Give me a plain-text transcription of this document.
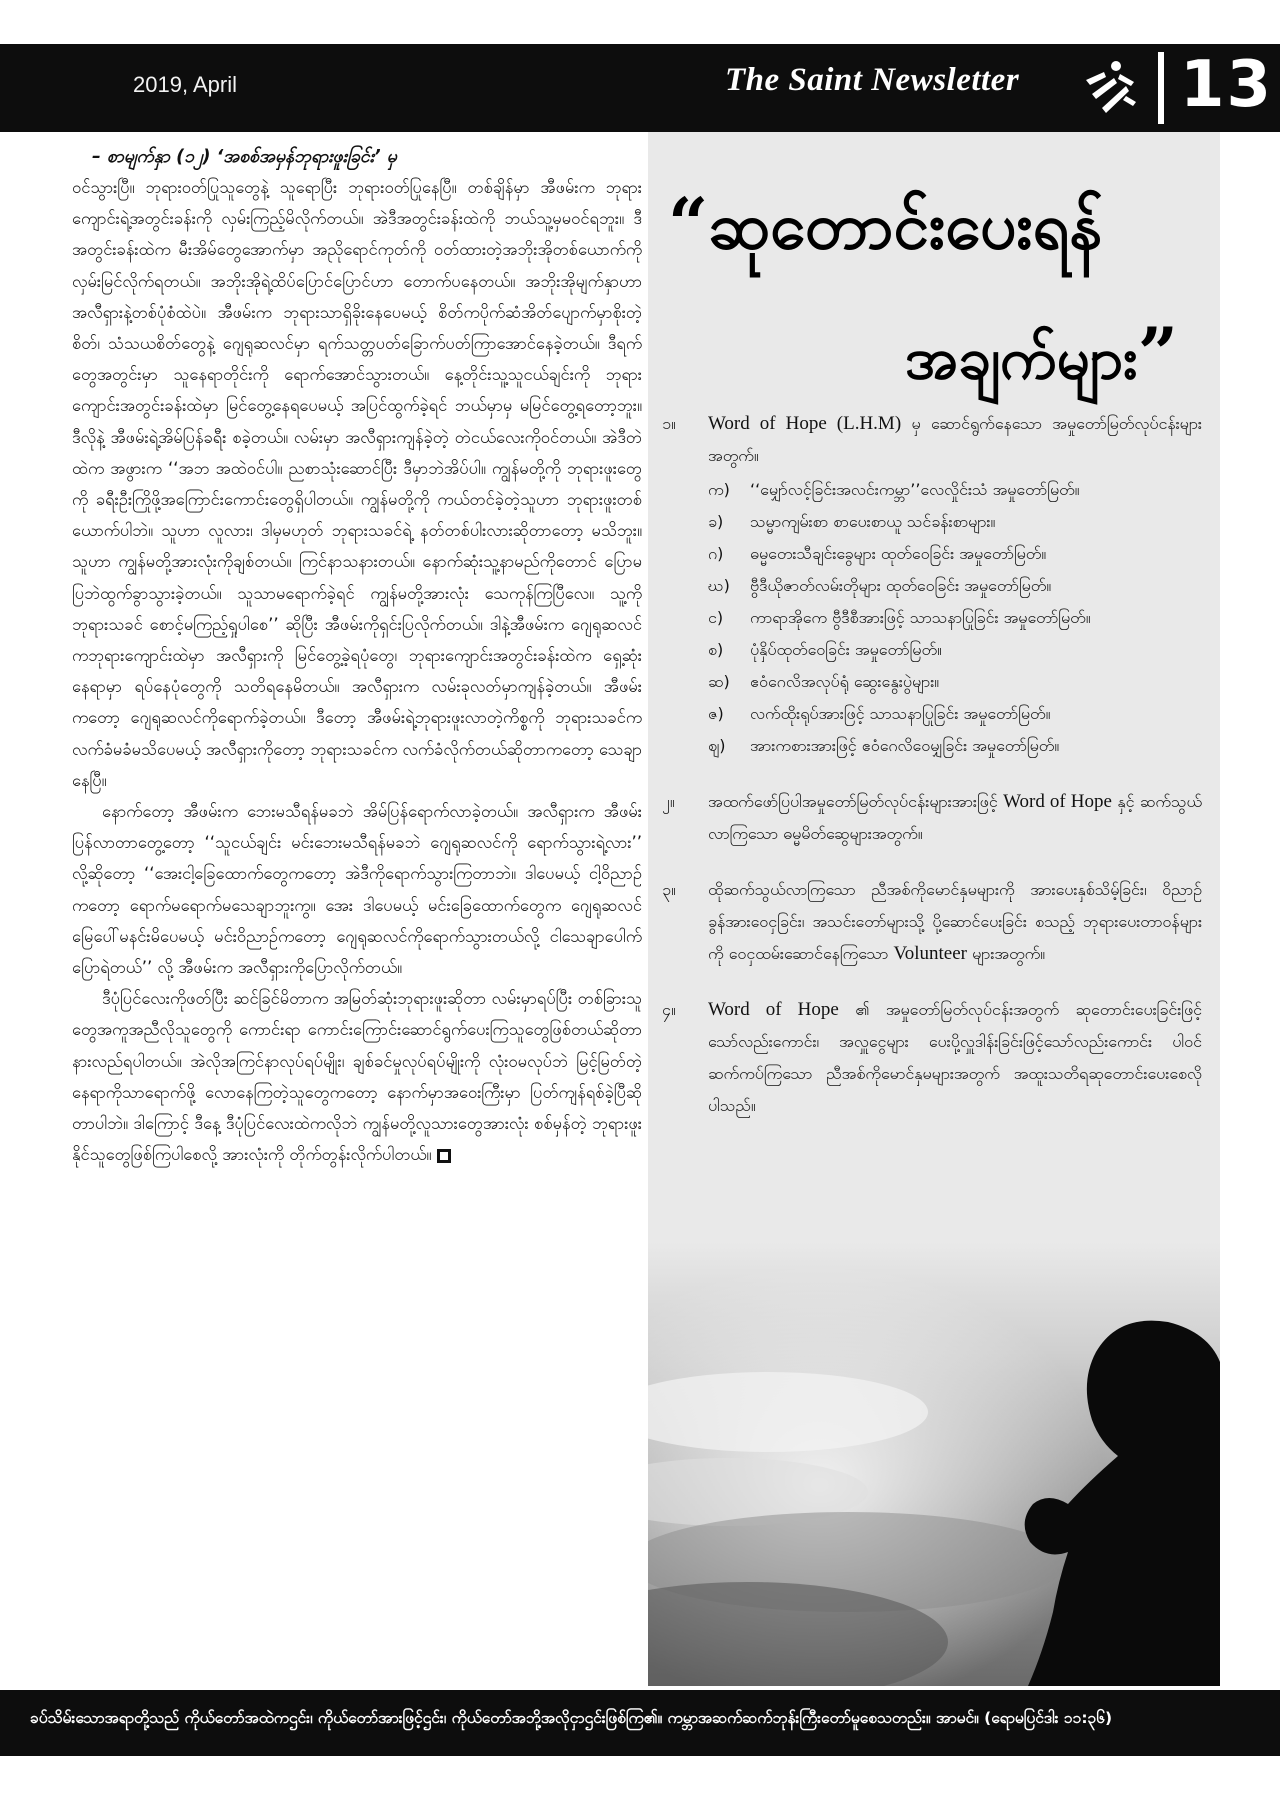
2019, April	The Saint Newsletter	13
– စာမျက်နှာ (၁၂) ‘အစစ်အမှန်ဘုရားဖူးခြင်း’ မှ

ဝင်သွားပြီ။ ဘုရားဝတ်ပြုသူတွေနဲ့ သူရောပြီး ဘုရားဝတ်ပြုနေပြီ။ တစ်ချိန်မှာ အီဖမ်းက ဘုရားကျောင်းရဲ့အတွင်းခန်းကို လှမ်းကြည့်မိလိုက်တယ်။ အဲဒီအတွင်းခန်းထဲကို ဘယ်သူ့မှမဝင်ရဘူး။ ဒီအတွင်းခန်းထဲက မီးအိမ်တွေအောက်မှာ အညိုရောင်ကုတ်ကို ဝတ်ထားတဲ့အဘိုးအိုတစ်ယောက်ကို လှမ်းမြင်လိုက်ရတယ်။ အဘိုးအိုရဲ့ထိပ်ပြောင်ပြောင်ဟာ တောက်ပနေတယ်။ အဘိုးအိုမျက်နှာဟာ အလီရှားနဲ့တစ်ပုံစံထဲပဲ။ အီဖမ်းက ဘုရားသာရှိခိုးနေပေမယ့် စိတ်ကပိုက်ဆံအိတ်ပျောက်မှာစိုးတဲ့စိတ်၊ သံသယစိတ်တွေနဲ့ ဂျေရုဆလင်မှာ ရက်သတ္တပတ်ခြောက်ပတ်ကြာအောင်နေခဲ့တယ်။ ဒီရက်တွေအတွင်းမှာ သူနေရာတိုင်းကို ရောက်အောင်သွားတယ်။ နေ့တိုင်းသူ့သူငယ်ချင်းကို ဘုရားကျောင်းအတွင်းခန်းထဲမှာ မြင်တွေ့နေရပေမယ့် အပြင်ထွက်ခဲ့ရင် ဘယ်မှာမှ မမြင်တွေ့ရတော့ဘူး။ ဒီလိုနဲ့ အီဖမ်းရဲ့အိမ်ပြန်ခရီး စခဲ့တယ်။ လမ်းမှာ အလီရှားကျန်ခဲ့တဲ့ တဲငယ်လေးကိုဝင်တယ်။ အဲဒီတဲထဲက အဖွားက ‘‘အဘ အထဲဝင်ပါ။ ညစာသုံးဆောင်ပြီး ဒီမှာဘဲအိပ်ပါ။ ကျွန်မတို့ကို ဘုရားဖူးတွေကို ခရီးဦးကြိုဖို့အကြောင်းကောင်းတွေရှိပါတယ်။ ကျွန်မတို့ကို ကယ်တင်ခဲ့တဲ့သူဟာ ဘုရားဖူးတစ်ယောက်ပါဘဲ။ သူဟာ လူလား၊ ဒါမှမဟုတ် ဘုရားသခင်ရဲ့ နတ်တစ်ပါးလားဆိုတာတော့ မသိဘူး။ သူဟာ ကျွန်မတို့အားလုံးကိုချစ်တယ်။ ကြင်နာသနားတယ်။ နောက်ဆုံးသူ့နာမည်ကိုတောင် ပြောမပြဘဲထွက်ခွာသွားခဲ့တယ်။ သူသာမရောက်ခဲ့ရင် ကျွန်မတို့အားလုံး သေကုန်ကြပြီလေ။ သူ့ကို ဘုရားသခင် စောင့်မကြည့်ရှုပါစေ’’ ဆိုပြီး အီဖမ်းကိုရှင်းပြလိုက်တယ်။ ဒါနဲ့အီဖမ်းက ဂျေရုဆလင်ကဘုရားကျောင်းထဲမှာ အလီရှားကို မြင်တွေ့ခဲ့ရပုံတွေ၊ ဘုရားကျောင်းအတွင်းခန်းထဲက ရှေ့ဆုံးနေရာမှာ ရပ်နေပုံတွေကို သတိရနေမိတယ်။ အလီရှားက လမ်းခုလတ်မှာကျန်ခဲ့တယ်။ အီဖမ်းကတော့ ဂျေရုဆလင်ကိုရောက်ခဲ့တယ်။ ဒီတော့ အီဖမ်းရဲ့ဘုရားဖူးလာတဲ့ကိစ္စကို ဘုရားသခင်က လက်ခံမခံမသိပေမယ့် အလီရှားကိုတော့ ဘုရားသခင်က လက်ခံလိုက်တယ်ဆိုတာကတော့ သေချာနေပြီ။

နောက်တော့ အီဖမ်းက ဘေးမသီရန်မခဘဲ အိမ်ပြန်ရောက်လာခဲ့တယ်။ အလီရှားက အီဖမ်းပြန်လာတာတွေ့တော့ ‘‘သူငယ်ချင်း မင်းဘေးမသီရန်မခဘဲ ဂျေရုဆလင်ကို ရောက်သွားရဲ့လား’’ လို့ဆိုတော့ ‘‘အေးငါ့ခြေထောက်တွေကတော့ အဲဒီကိုရောက်သွားကြတာဘဲ။ ဒါပေမယ့် ငါ့ဝိညာဉ်ကတော့ ရောက်မရောက်မသေချာဘူးကွ။ အေး ဒါပေမယ့် မင်းခြေထောက်တွေက ဂျေရုဆလင်မြေပေါ်မနင်းမိပေမယ့် မင်းဝိညာဉ်ကတော့ ဂျေရုဆလင်ကိုရောက်သွားတယ်လို့ ငါသေချာပေါက်ပြောရဲတယ်’’ လို့ အီဖမ်းက အလီရှားကိုပြောလိုက်တယ်။

ဒီပုံပြင်လေးကိုဖတ်ပြီး ဆင်ခြင်မိတာက အမြတ်ဆုံးဘုရားဖူးဆိုတာ လမ်းမှာရပ်ပြီး တစ်ခြားသူတွေအကူအညီလိုသူတွေကို ကောင်းရာ ကောင်းကြောင်းဆောင်ရွက်ပေးကြသူတွေဖြစ်တယ်ဆိုတာ နားလည်ရပါတယ်။ အဲလိုအကြင်နာလုပ်ရပ်မျိုး၊ ချစ်ခင်မှုလုပ်ရပ်မျိုးကို လုံးဝမလုပ်ဘဲ မြင့်မြတ်တဲ့နေရာကိုသာရောက်ဖို့ လောနေကြတဲ့သူတွေကတော့ နောက်မှာအဝေးကြီးမှာ ပြတ်ကျန်ရစ်ခဲ့ပြီဆိုတာပါဘဲ။ ဒါကြောင့် ဒီနေ့ ဒီပုံပြင်လေးထဲကလိုဘဲ ကျွန်မတို့လူသားတွေအားလုံး စစ်မှန်တဲ့ ဘုရားဖူးနိုင်သူတွေဖြစ်ကြပါစေလို့ အားလုံးကို တိုက်တွန်းလိုက်ပါတယ်။

“ဆုတောင်းပေးရန်
အချက်များ”
၁။ Word of Hope (L.H.M) မှ ဆောင်ရွက်နေသော အမှုတော်မြတ်လုပ်ငန်းများအတွက်။
က) ‘‘မျှော်လင့်ခြင်းအလင်းကမ္ဘာ’’လေလှိုင်းသံ အမှုတော်မြတ်။
ခ) သမ္မာကျမ်းစာ စာပေးစာယူ သင်ခန်းစာများ။
ဂ) ဓမ္မတေးသီချင်းခွေများ ထုတ်ဝေခြင်း အမှုတော်မြတ်။
ဃ) ဗွီဒီယိုဇာတ်လမ်းတိုများ ထုတ်ဝေခြင်း အမှုတော်မြတ်။
င) ကာရာအိုကေ ဗွီဒီစီအားဖြင့် သာသနာပြုခြင်း အမှုတော်မြတ်။
စ) ပုံနှိပ်ထုတ်ဝေခြင်း အမှုတော်မြတ်။
ဆ) ဧဝံဂေလိအလုပ်ရုံ ဆွေးနွေးပွဲများ။
ဇ) လက်ထိုးရုပ်အားဖြင့် သာသနာပြုခြင်း အမှုတော်မြတ်။
ဈ) အားကစားအားဖြင့် ဧဝံဂေလိဝေမျှခြင်း အမှုတော်မြတ်။
၂။ အထက်ဖော်ပြပါအမှုတော်မြတ်လုပ်ငန်းများအားဖြင့် Word of Hope နှင့် ဆက်သွယ်လာကြသော ဓမ္မမိတ်ဆွေများအတွက်။
၃။ ထိုဆက်သွယ်လာကြသော ညီအစ်ကိုမောင်နှမများကို အားပေးနှစ်သိမ့်ခြင်း၊ ဝိညာဉ်ခွန်အားဝေငှခြင်း၊ အသင်းတော်များသို့ ပို့ဆောင်ပေးခြင်း စသည့် ဘုရားပေးတာဝန်များကို ဝေငှထမ်းဆောင်နေကြသော Volunteer များအတွက်။
၄။ Word of Hope ၏ အမှုတော်မြတ်လုပ်ငန်းအတွက် ဆုတောင်းပေးခြင်းဖြင့်သော်လည်းကောင်း၊ အလှူငွေများ ပေးပို့လှူဒါန်းခြင်းဖြင့်သော်လည်းကောင်း ပါဝင်ဆက်ကပ်ကြသော ညီအစ်ကိုမောင်နှမများအတွက် အထူးသတိရဆုတောင်းပေးစေလိုပါသည်။
ခပ်သိမ်းသောအရာတို့သည် ကိုယ်တော်အထဲကဌင်း၊ ကိုယ်တော်အားဖြင့်ဌင်း၊ ကိုယ်တော်အဘို့အလိုငှာဌင်းဖြစ်ကြ၏။ ကမ္ဘာအဆက်ဆက်ဘုန်းကြီးတော်မူစေသတည်း။ အာမင်။ (ရောမပြင်ဒါး ၁၁:၃၆)
